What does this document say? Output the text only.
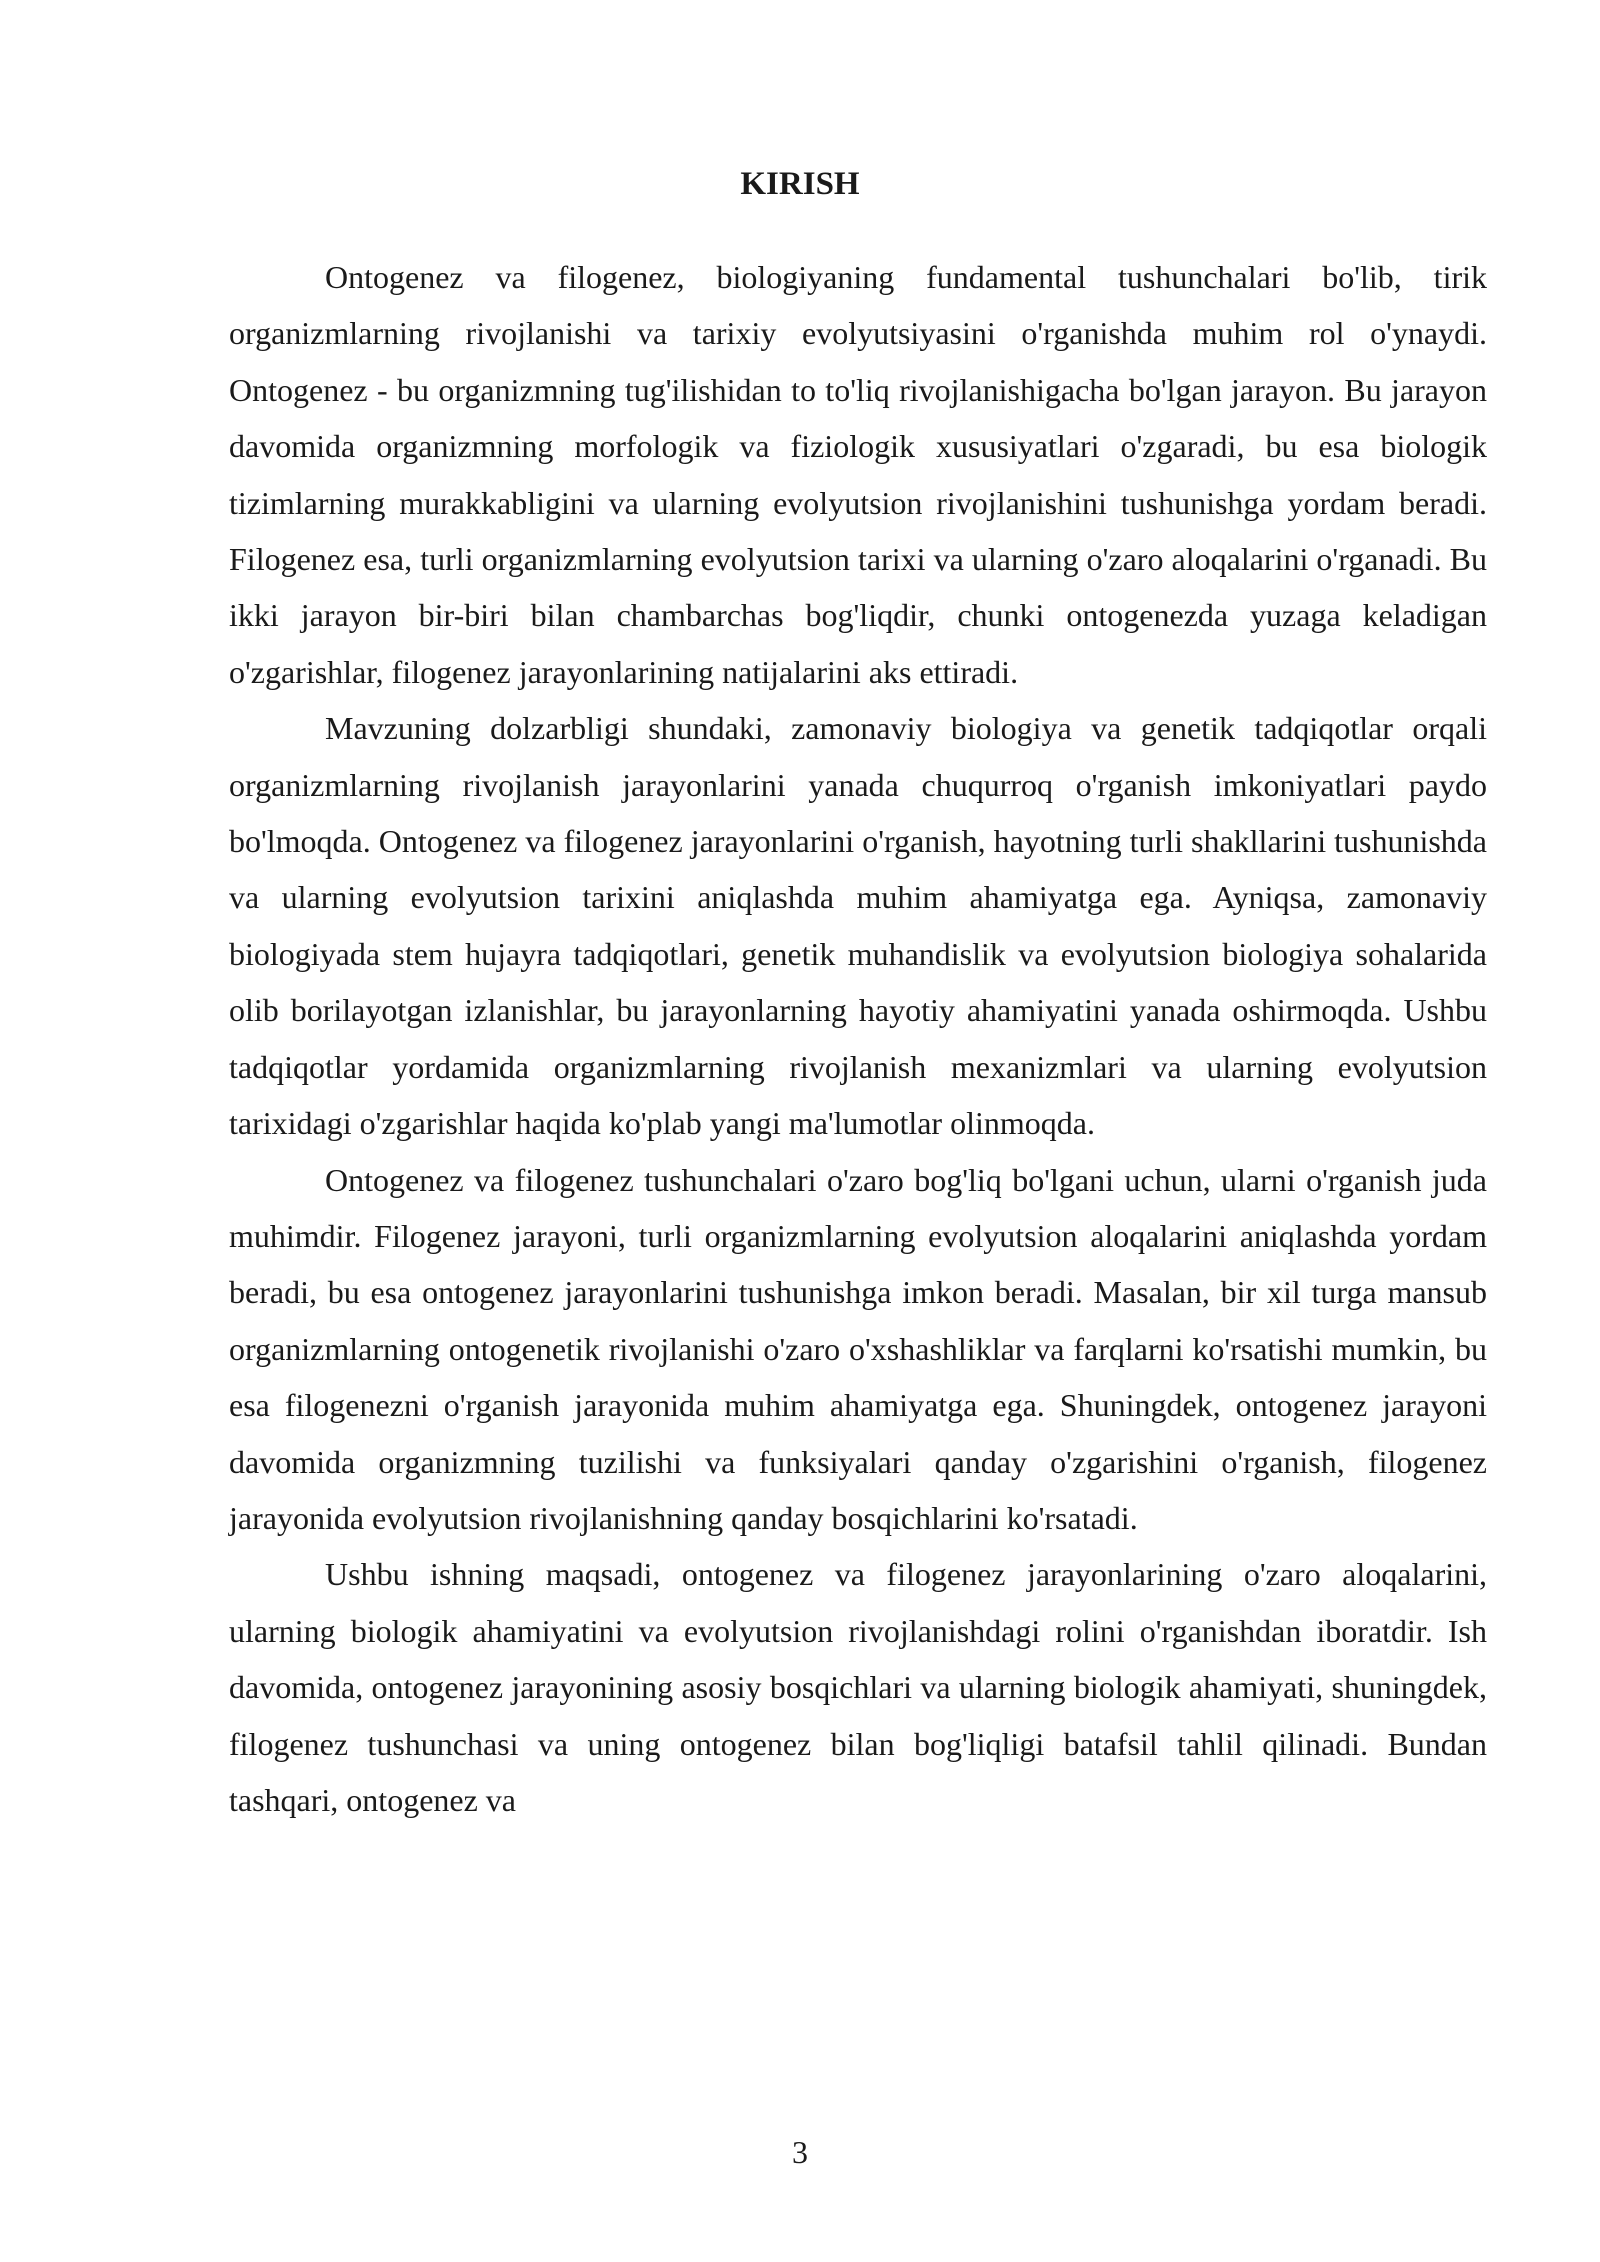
KIRISH

Ontogenez va filogenez, biologiyaning fundamental tushunchalari bo'lib, tirik organizmlarning rivojlanishi va tarixiy evolyutsiyasini o'rganishda muhim rol o'ynaydi. Ontogenez - bu organizmning tug'ilishidan to to'liq rivojlanishigacha bo'lgan jarayon. Bu jarayon davomida organizmning morfologik va fiziologik xususiyatlari o'zgaradi, bu esa biologik tizimlarning murakkabligini va ularning evolyutsion rivojlanishini tushunishga yordam beradi. Filogenez esa, turli organizmlarning evolyutsion tarixi va ularning o'zaro aloqalarini o'rganadi. Bu ikki jarayon bir-biri bilan chambarchas bog'liqdir, chunki ontogenezda yuzaga keladigan o'zgarishlar, filogenez jarayonlarining natijalarini aks ettiradi.

Mavzuning dolzarbligi shundaki, zamonaviy biologiya va genetik tadqiqotlar orqali organizmlarning rivojlanish jarayonlarini yanada chuqurroq o'rganish imkoniyatlari paydo bo'lmoqda. Ontogenez va filogenez jarayonlarini o'rganish, hayotning turli shakllarini tushunishda va ularning evolyutsion tarixini aniqlashda muhim ahamiyatga ega. Ayniqsa, zamonaviy biologiyada stem hujayra tadqiqotlari, genetik muhandislik va evolyutsion biologiya sohalarida olib borilayotgan izlanishlar, bu jarayonlarning hayotiy ahamiyatini yanada oshirmoqda. Ushbu tadqiqotlar yordamida organizmlarning rivojlanish mexanizmlari va ularning evolyutsion tarixidagi o'zgarishlar haqida ko'plab yangi ma'lumotlar olinmoqda.

Ontogenez va filogenez tushunchalari o'zaro bog'liq bo'lgani uchun, ularni o'rganish juda muhimdir. Filogenez jarayoni, turli organizmlarning evolyutsion aloqalarini aniqlashda yordam beradi, bu esa ontogenez jarayonlarini tushunishga imkon beradi. Masalan, bir xil turga mansub organizmlarning ontogenetik rivojlanishi o'zaro o'xshashliklar va farqlarni ko'rsatishi mumkin, bu esa filogenezni o'rganish jarayonida muhim ahamiyatga ega. Shuningdek, ontogenez jarayoni davomida organizmning tuzilishi va funksiyalari qanday o'zgarishini o'rganish, filogenez jarayonida evolyutsion rivojlanishning qanday bosqichlarini ko'rsatadi.

Ushbu ishning maqsadi, ontogenez va filogenez jarayonlarining o'zaro aloqalarini, ularning biologik ahamiyatini va evolyutsion rivojlanishdagi rolini o'rganishdan iboratdir. Ish davomida, ontogenez jarayonining asosiy bosqichlari va ularning biologik ahamiyati, shuningdek, filogenez tushunchasi va uning ontogenez bilan bog'liqligi batafsil tahlil qilinadi. Bundan tashqari, ontogenez va

3
